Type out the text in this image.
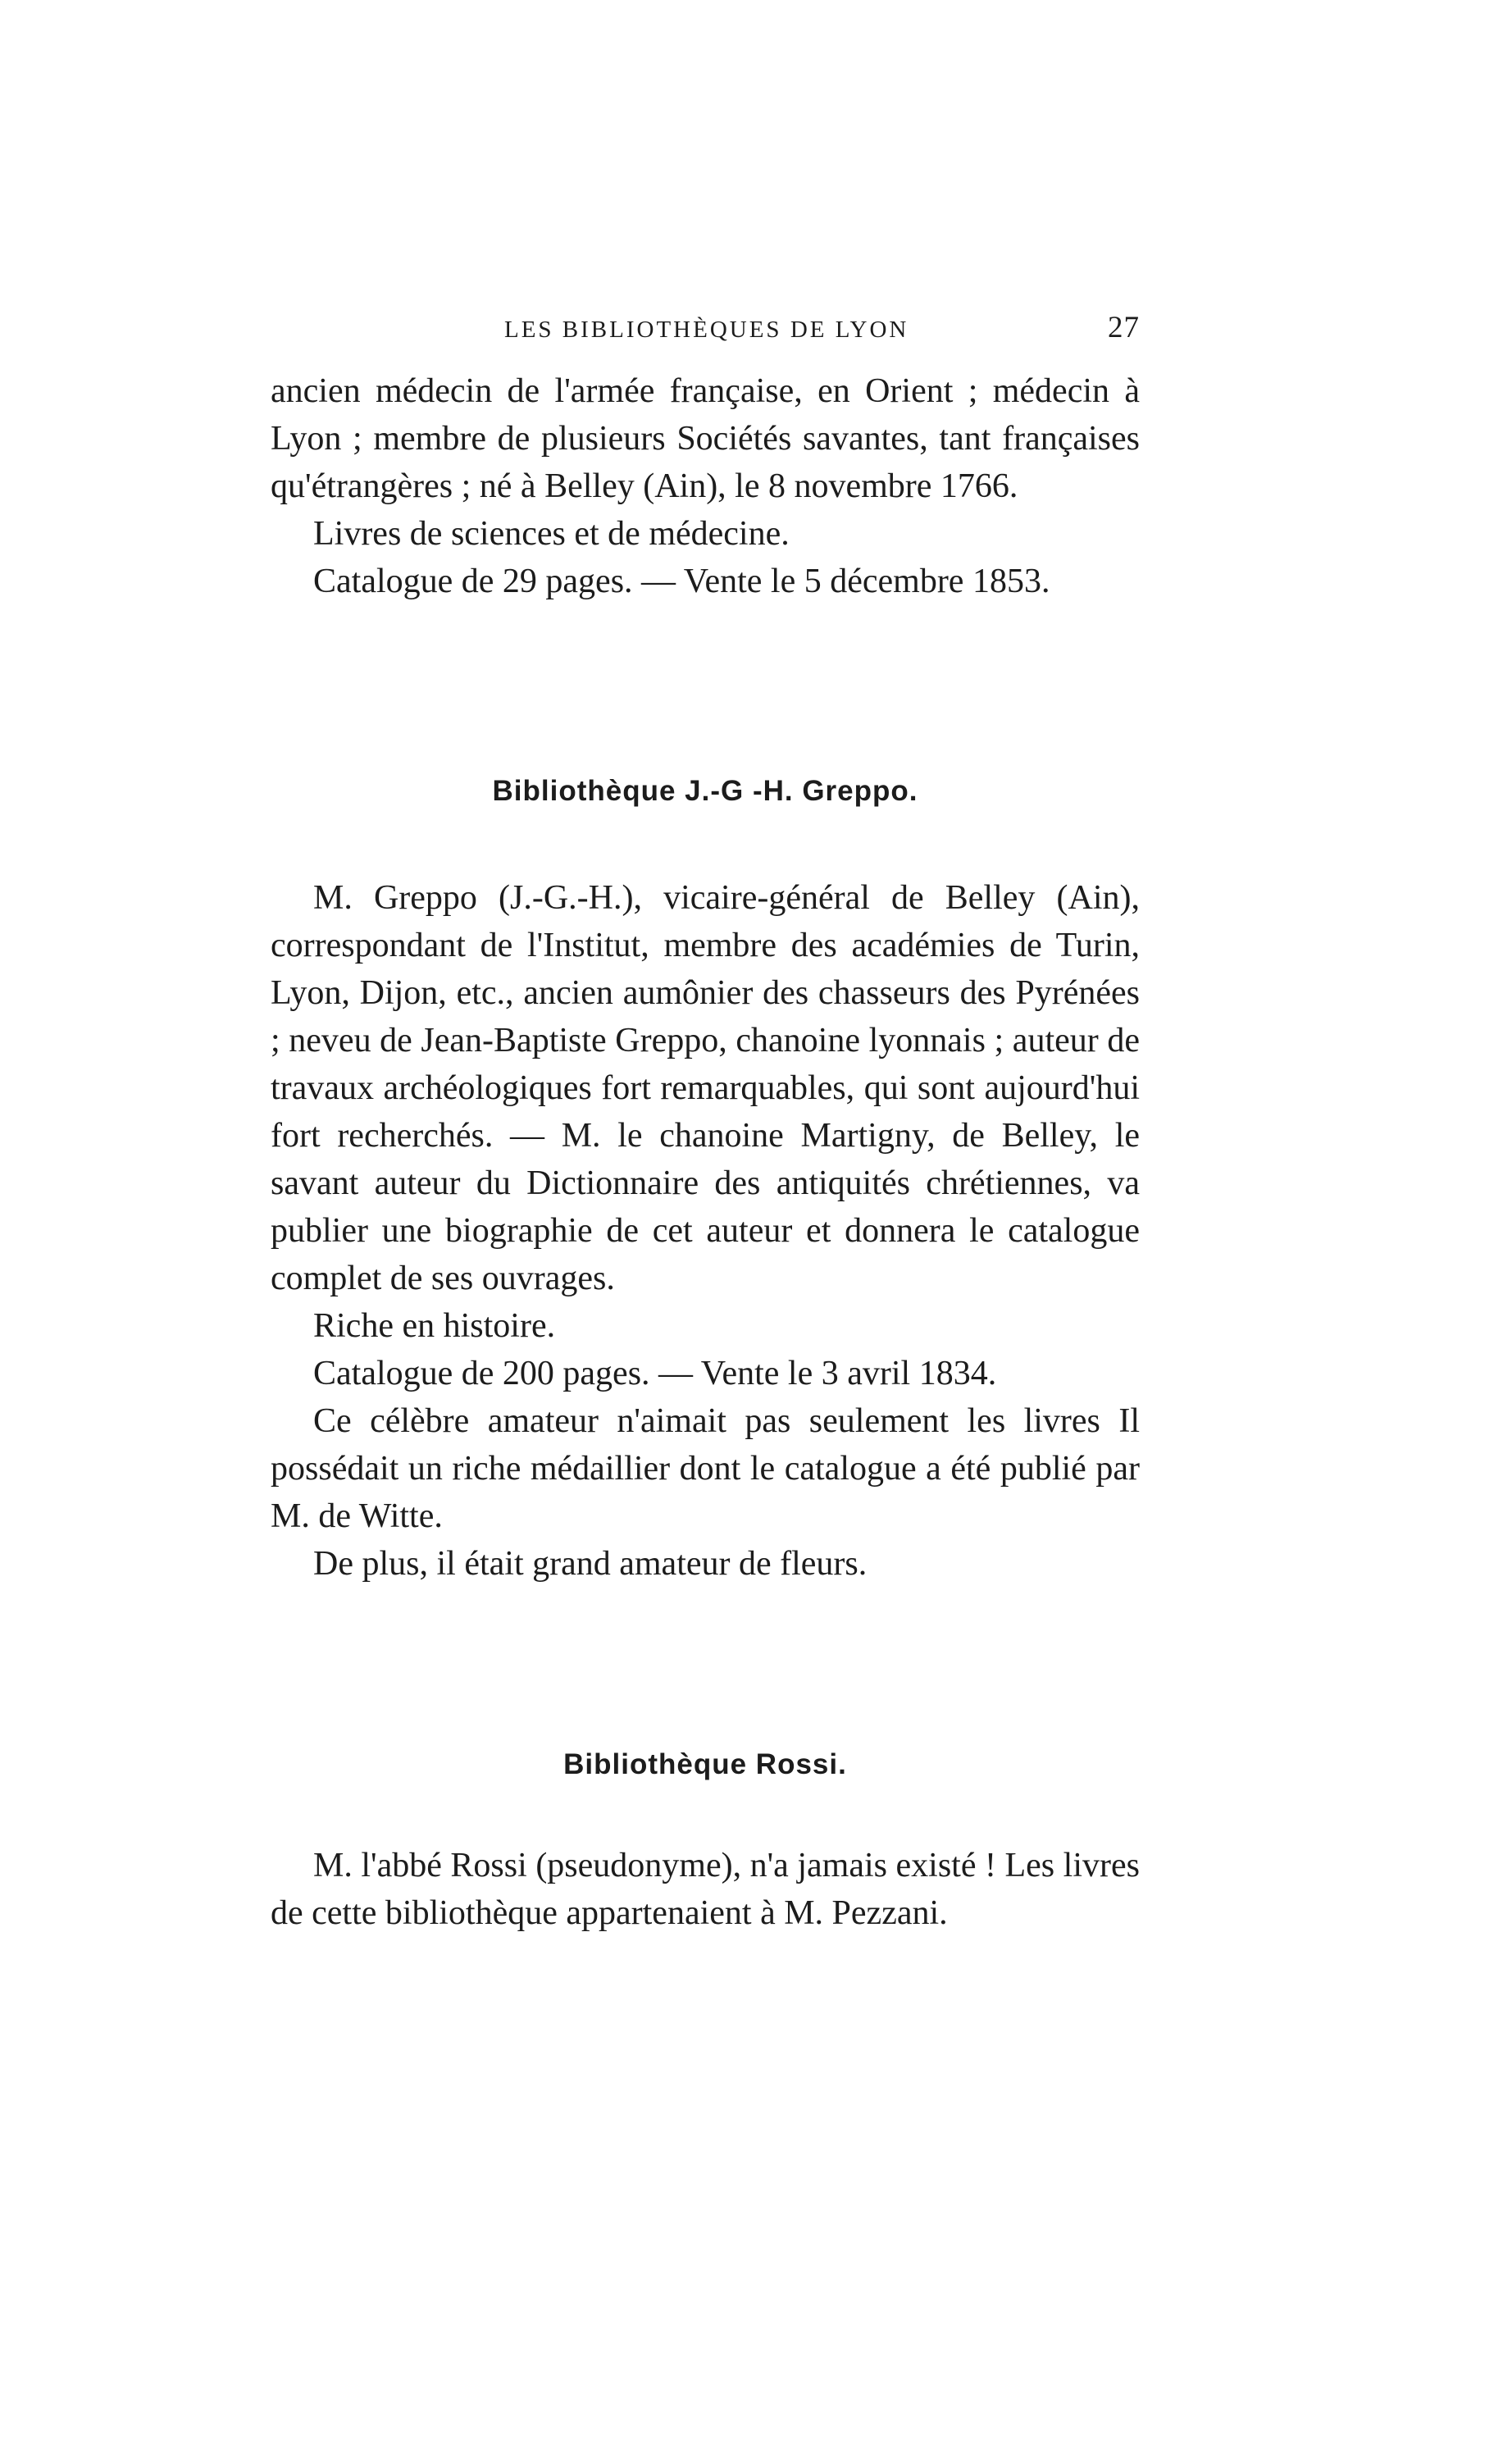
LES BIBLIOTHÈQUES DE LYON	27

ancien médecin de l'armée française, en Orient ; médecin à Lyon ; membre de plusieurs Sociétés savantes, tant françaises qu'étrangères ; né à Belley (Ain), le 8 novembre 1766.

Livres de sciences et de médecine.

Catalogue de 29 pages. — Vente le 5 décembre 1853.

Bibliothèque J.-G -H. Greppo.

M. Greppo (J.-G.-H.), vicaire-général de Belley (Ain), correspondant de l'Institut, membre des académies de Turin, Lyon, Dijon, etc., ancien aumônier des chasseurs des Pyrénées ; neveu de Jean-Baptiste Greppo, chanoine lyonnais ; auteur de travaux archéologiques fort remarquables, qui sont aujourd'hui fort recherchés. — M. le chanoine Martigny, de Belley, le savant auteur du Dictionnaire des antiquités chrétiennes, va publier une biographie de cet auteur et donnera le catalogue complet de ses ouvrages.

Riche en histoire.

Catalogue de 200 pages. — Vente le 3 avril 1834.

Ce célèbre amateur n'aimait pas seulement les livres Il possédait un riche médaillier dont le catalogue a été publié par M. de Witte.

De plus, il était grand amateur de fleurs.

Bibliothèque Rossi.

M. l'abbé Rossi (pseudonyme), n'a jamais existé ! Les livres de cette bibliothèque appartenaient à M. Pezzani.
